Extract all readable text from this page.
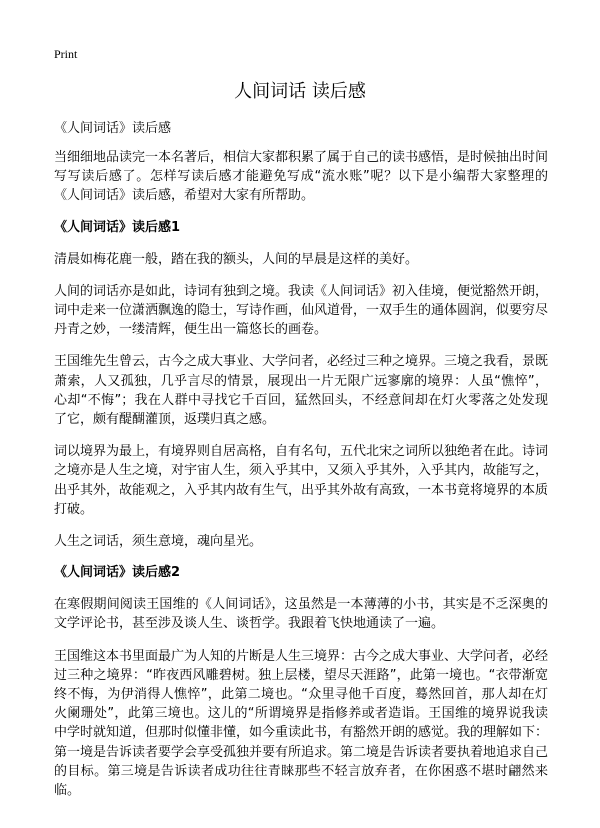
Print
人间词话 读后感
《人间词话》读后感

当细细地品读完一本名著后，相信大家都积累了属于自己的读书感悟，是时候抽出时间写写读后感了。怎样写读后感才能避免写成“流水账”呢？以下是小编帮大家整理的《人间词话》读后感，希望对大家有所帮助。

《人间词话》读后感1

清晨如梅花鹿一般，踏在我的额头，人间的早晨是这样的美好。

人间的词话亦是如此，诗词有独到之境。我读《人间词话》初入佳境，便觉豁然开朗，词中走来一位潇洒飘逸的隐士，写诗作画，仙风道骨，一双手生的通体圆润，似要穷尽丹青之妙，一缕清辉，便生出一篇悠长的画卷。

王国维先生曾云，古今之成大事业、大学问者，必经过三种之境界。三境之我看，景既萧索，人又孤独，几乎言尽的情景，展现出一片无限广远寥廓的境界：人虽“憔悴”，心却“不悔”；我在人群中寻找它千百回，猛然回头，不经意间却在灯火零落之处发现了它，颇有醍醐灌顶，返璞归真之感。

词以境界为最上，有境界则自居高格，自有名句，五代北宋之词所以独绝者在此。诗词之境亦是人生之境，对宇宙人生，须入乎其中，又须入乎其外，入乎其内，故能写之，出乎其外，故能观之，入乎其内故有生气，出乎其外故有高致，一本书竟将境界的本质打破。

人生之词话，须生意境，魂向星光。

《人间词话》读后感2

在寒假期间阅读王国维的《人间词话》，这虽然是一本薄薄的小书，其实是不乏深奥的文学评论书，甚至涉及谈人生、谈哲学。我跟着飞快地通读了一遍。

王国维这本书里面最广为人知的片断是人生三境界：古今之成大事业、大学问者，必经过三种之境界：“昨夜西风雕碧树。独上层楼，望尽天涯路”，此第一境也。“衣带渐宽终不悔，为伊消得人憔悴”，此第二境也。“众里寻他千百度，蓦然回首，那人却在灯火阑珊处”，此第三境也。这儿的“所谓境界是指修养或者造诣。王国维的境界说我读中学时就知道，但那时似懂非懂，如今重读此书，有豁然开朗的感觉。我的理解如下：第一境是告诉读者要学会享受孤独并要有所追求。第二境是告诉读者要执着地追求自己的目标。第三境是告诉读者成功往往青睐那些不轻言放弃者，在你困惑不堪时翩然来临。
